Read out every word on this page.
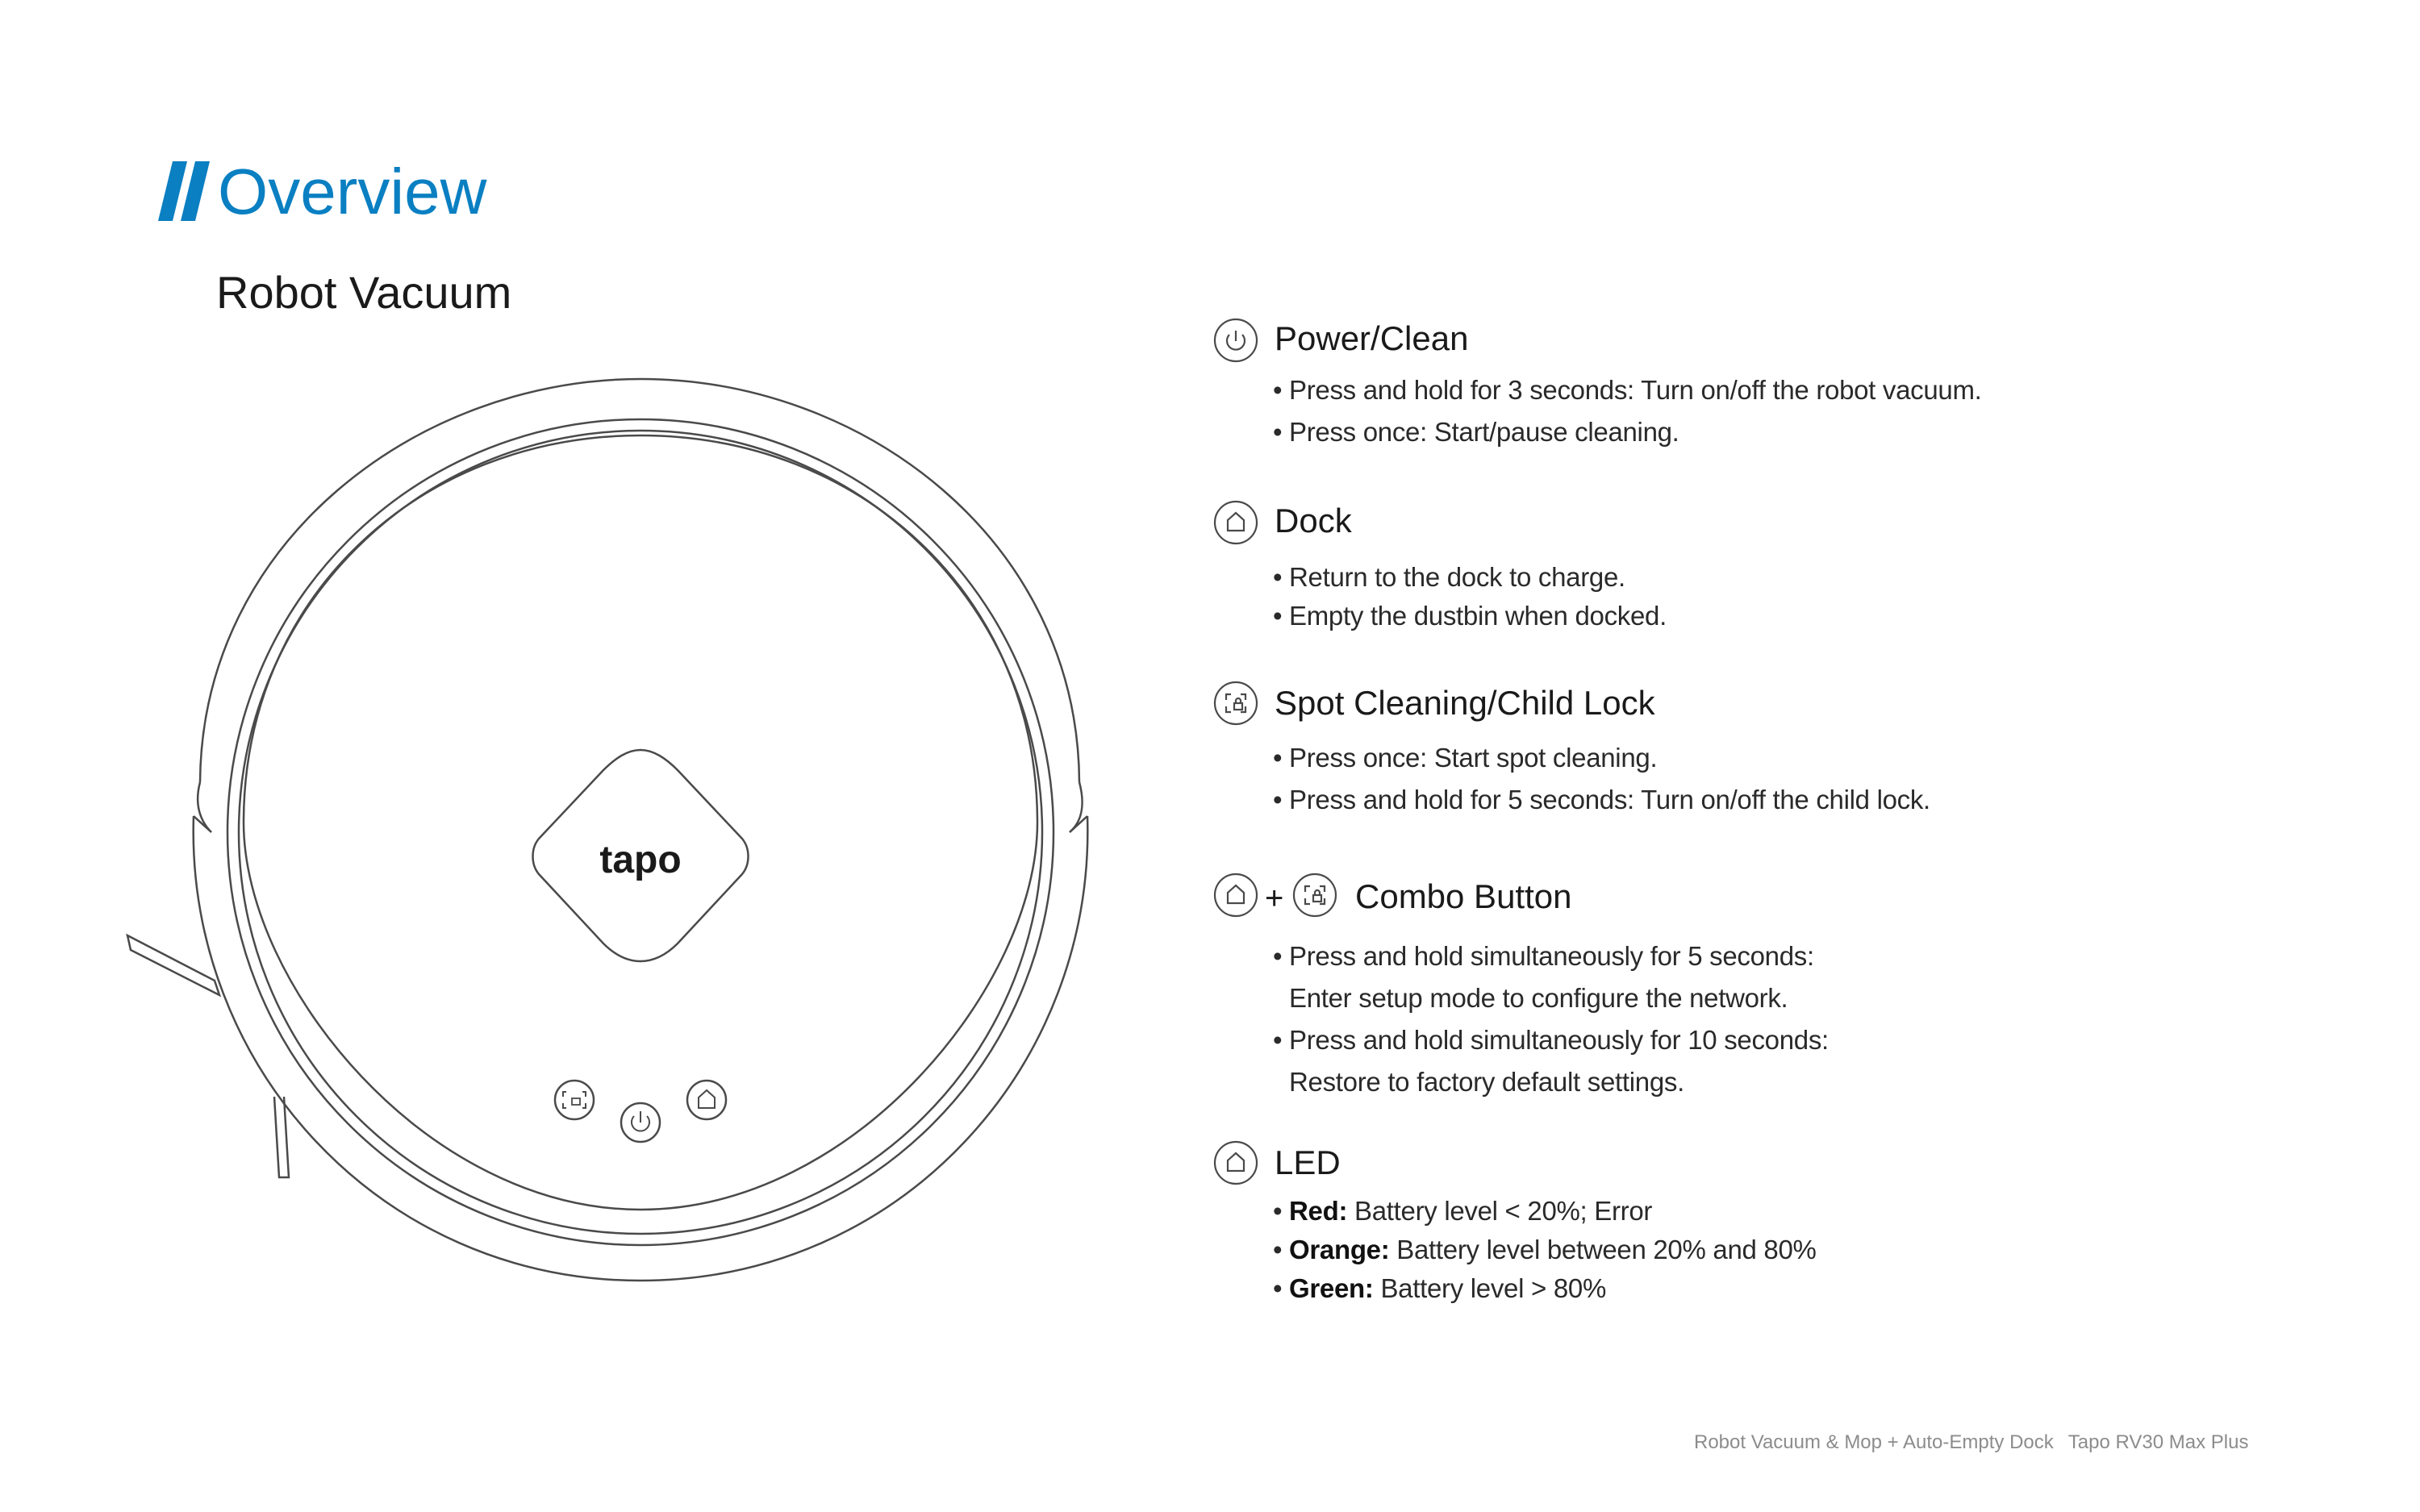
Overview
Robot Vacuum
tapo
Power/Clean
• Press and hold for 3 seconds: Turn on/off the robot vacuum.
• Press once: Start/pause cleaning.
Dock
• Return to the dock to charge.
• Empty the dustbin when docked.
Spot Cleaning/Child Lock
• Press once: Start spot cleaning.
• Press and hold for 5 seconds: Turn on/off the child lock.
+ Combo Button
• Press and hold simultaneously for 5 seconds:
Enter setup mode to configure the network.
• Press and hold simultaneously for 10 seconds:
Restore to factory default settings.
LED
• Red: Battery level < 20%; Error
• Orange: Battery level between 20% and 80%
• Green: Battery level > 80%
Robot Vacuum & Mop + Auto-Empty Dock Tapo RV30 Max Plus
